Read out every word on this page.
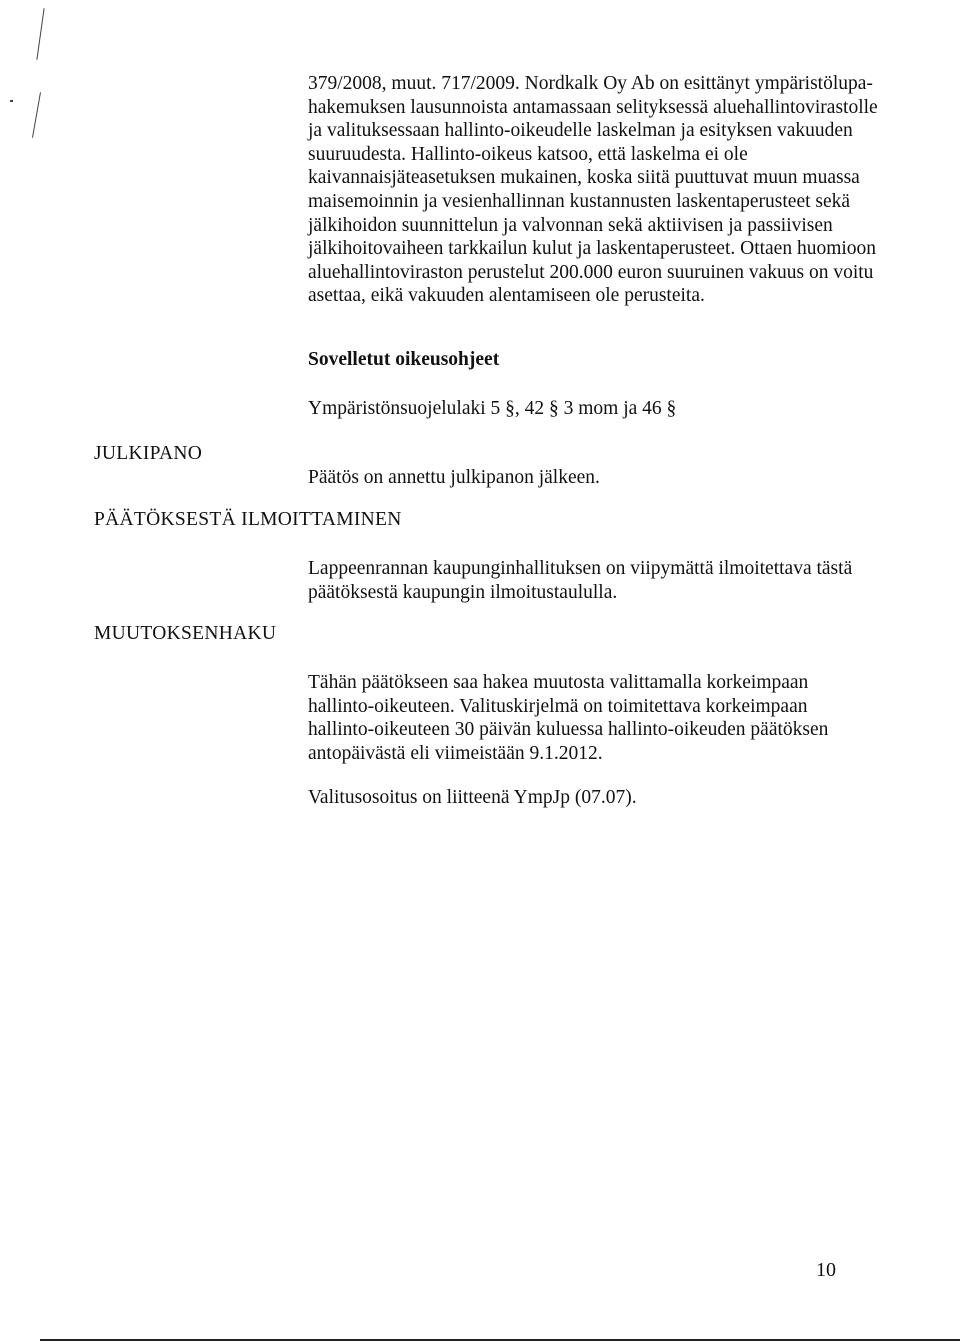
379/2008, muut. 717/2009. Nordkalk Oy Ab on esittänyt ympäristölupa-
hakemuksen lausunnoista antamassaan selityksessä aluehallintovirastolle
ja valituksessaan hallinto-oikeudelle laskelman ja esityksen vakuuden
suuruudesta. Hallinto-oikeus katsoo, että laskelma ei ole
kaivannaisjäteasetuksen mukainen, koska siitä puuttuvat muun muassa
maisemoinnin ja vesienhallinnan kustannusten laskentaperusteet sekä
jälkihoidon suunnittelun ja valvonnan sekä aktiivisen ja passiivisen
jälkihoitovaiheen tarkkailun kulut ja laskentaperusteet. Ottaen huomioon
aluehallintoviraston perustelut 200.000 euron suuruinen vakuus on voitu
asettaa, eikä vakuuden alentamiseen ole perusteita.
Sovelletut oikeusohjeet
Ympäristönsuojelulaki 5 §, 42 § 3 mom ja 46 §
JULKIPANO
Päätös on annettu julkipanon jälkeen.
PÄÄTÖKSESTÄ ILMOITTAMINEN
Lappeenrannan kaupunginhallituksen on viipymättä ilmoitettava tästä
päätöksestä kaupungin ilmoitustaululla.
MUUTOKSENHAKU
Tähän päätökseen saa hakea muutosta valittamalla korkeimpaan
hallinto-oikeuteen. Valituskirjelmä on toimitettava korkeimpaan
hallinto-oikeuteen 30 päivän kuluessa hallinto-oikeuden päätöksen
antopäivästä eli viimeistään 9.1.2012.
Valitusosoitus on liitteenä YmpJp (07.07).
10
